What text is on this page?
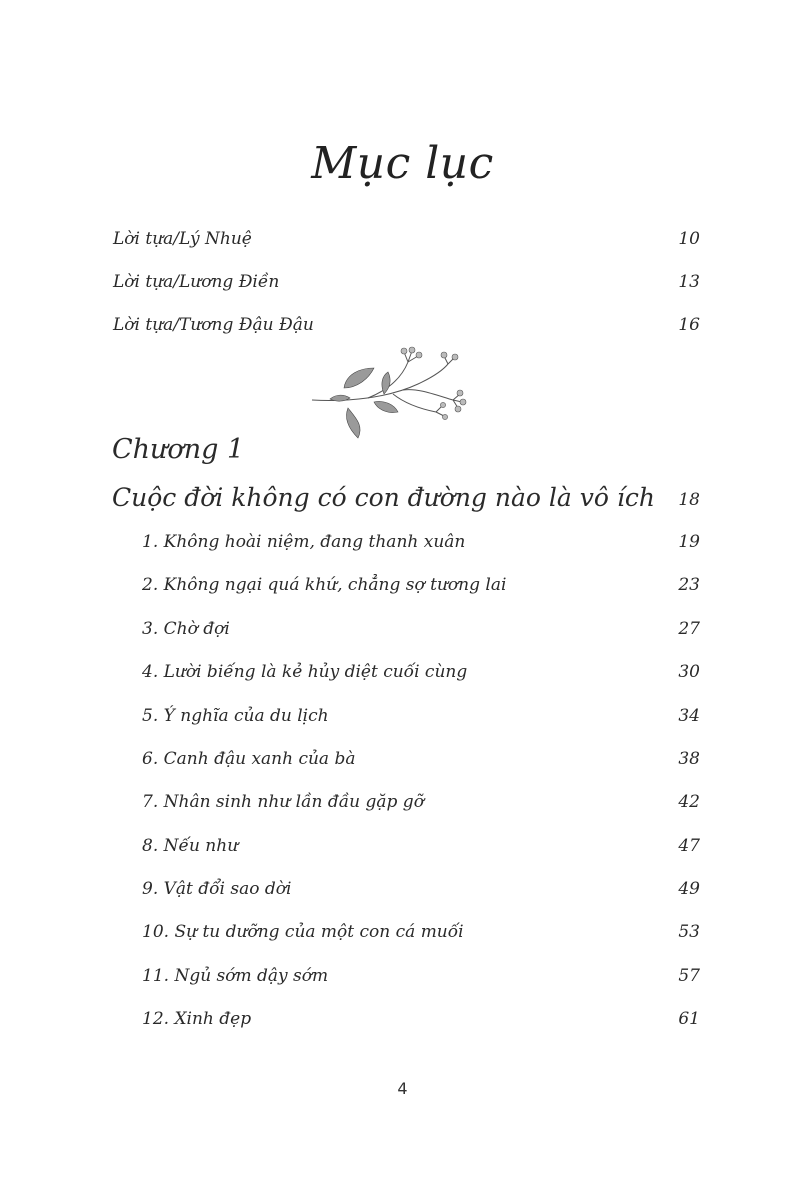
Mục lục
Lời tựa/Lý Nhuệ	10
Lời tựa/Lương Điền	13
Lời tựa/Tương Đậu Đậu	16
Chương 1
Cuộc đời không có con đường nào là vô ích 18
1. Không hoài niệm, đang thanh xuân	19
2. Không ngại quá khứ, chẳng sợ tương lai	23
3. Chờ đợi	27
4. Lười biếng là kẻ hủy diệt cuối cùng	30
5. Ý nghĩa của du lịch	34
6. Canh đậu xanh của bà	38
7. Nhân sinh như lần đầu gặp gỡ	42
8. Nếu như	47
9. Vật đổi sao dời	49
10. Sự tu dưỡng của một con cá muối	53
11. Ngủ sớm dậy sớm	57
12. Xinh đẹp	61
4
